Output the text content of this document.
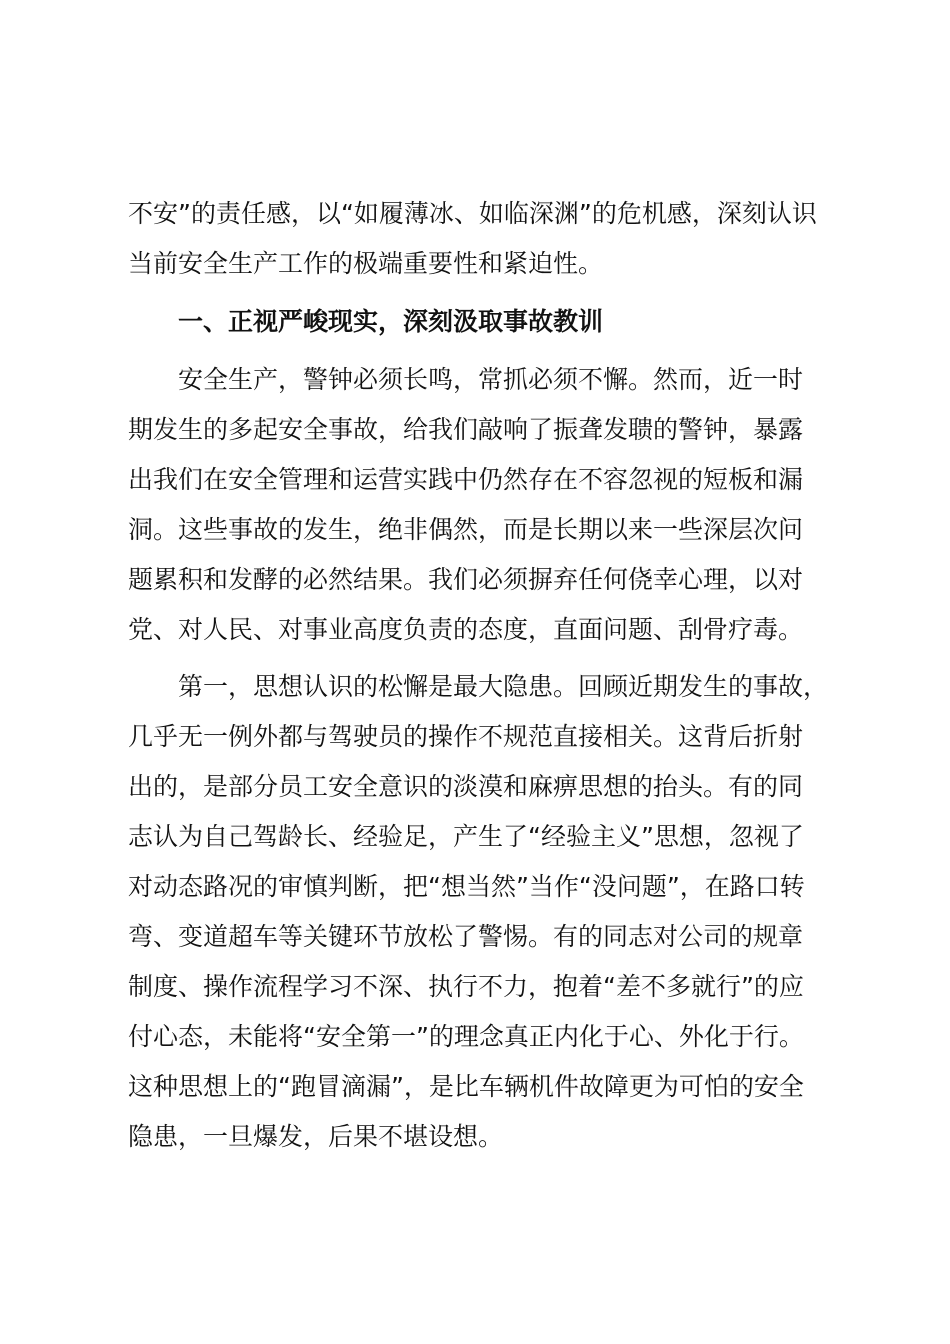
不安”的责任感，以“如履薄冰、如临深渊”的危机感，深刻认识
当前安全生产工作的极端重要性和紧迫性。
一、正视严峻现实，深刻汲取事故教训
安全生产，警钟必须长鸣，常抓必须不懈。然而，近一时
期发生的多起安全事故，给我们敲响了振聋发聩的警钟，暴露
出我们在安全管理和运营实践中仍然存在不容忽视的短板和漏
洞。这些事故的发生，绝非偶然，而是长期以来一些深层次问
题累积和发酵的必然结果。我们必须摒弃任何侥幸心理，以对
党、对人民、对事业高度负责的态度，直面问题、刮骨疗毒。
第一，思想认识的松懈是最大隐患。回顾近期发生的事故，
几乎无一例外都与驾驶员的操作不规范直接相关。这背后折射
出的，是部分员工安全意识的淡漠和麻痹思想的抬头。有的同
志认为自己驾龄长、经验足，产生了“经验主义”思想，忽视了
对动态路况的审慎判断，把“想当然”当作“没问题”，在路口转
弯、变道超车等关键环节放松了警惕。有的同志对公司的规章
制度、操作流程学习不深、执行不力，抱着“差不多就行”的应
付心态，未能将“安全第一”的理念真正内化于心、外化于行。
这种思想上的“跑冒滴漏”，是比车辆机件故障更为可怕的安全
隐患，一旦爆发，后果不堪设想。
